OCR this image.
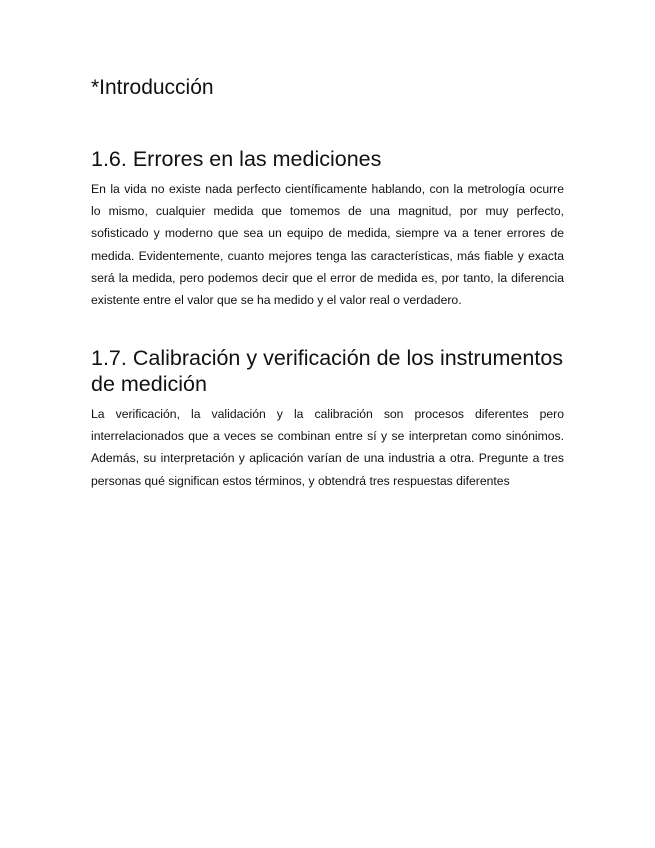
*Introducción
1.6. Errores en las mediciones

En la vida no existe nada perfecto científicamente hablando, con la metrología ocurre lo mismo, cualquier medida que tomemos de una magnitud, por muy perfecto, sofisticado y moderno que sea un equipo de medida, siempre va a tener errores de medida. Evidentemente, cuanto mejores tenga las características, más fiable y exacta será la medida, pero podemos decir que el error de medida es, por tanto, la diferencia existente entre el valor que se ha medido y el valor real o verdadero.

1.7. Calibración y verificación de los instrumentos de medición

La verificación, la validación y la calibración son procesos diferentes pero interrelacionados que a veces se combinan entre sí y se interpretan como sinónimos. Además, su interpretación y aplicación varían de una industria a otra. Pregunte a tres personas qué significan estos términos, y obtendrá tres respuestas diferentes
